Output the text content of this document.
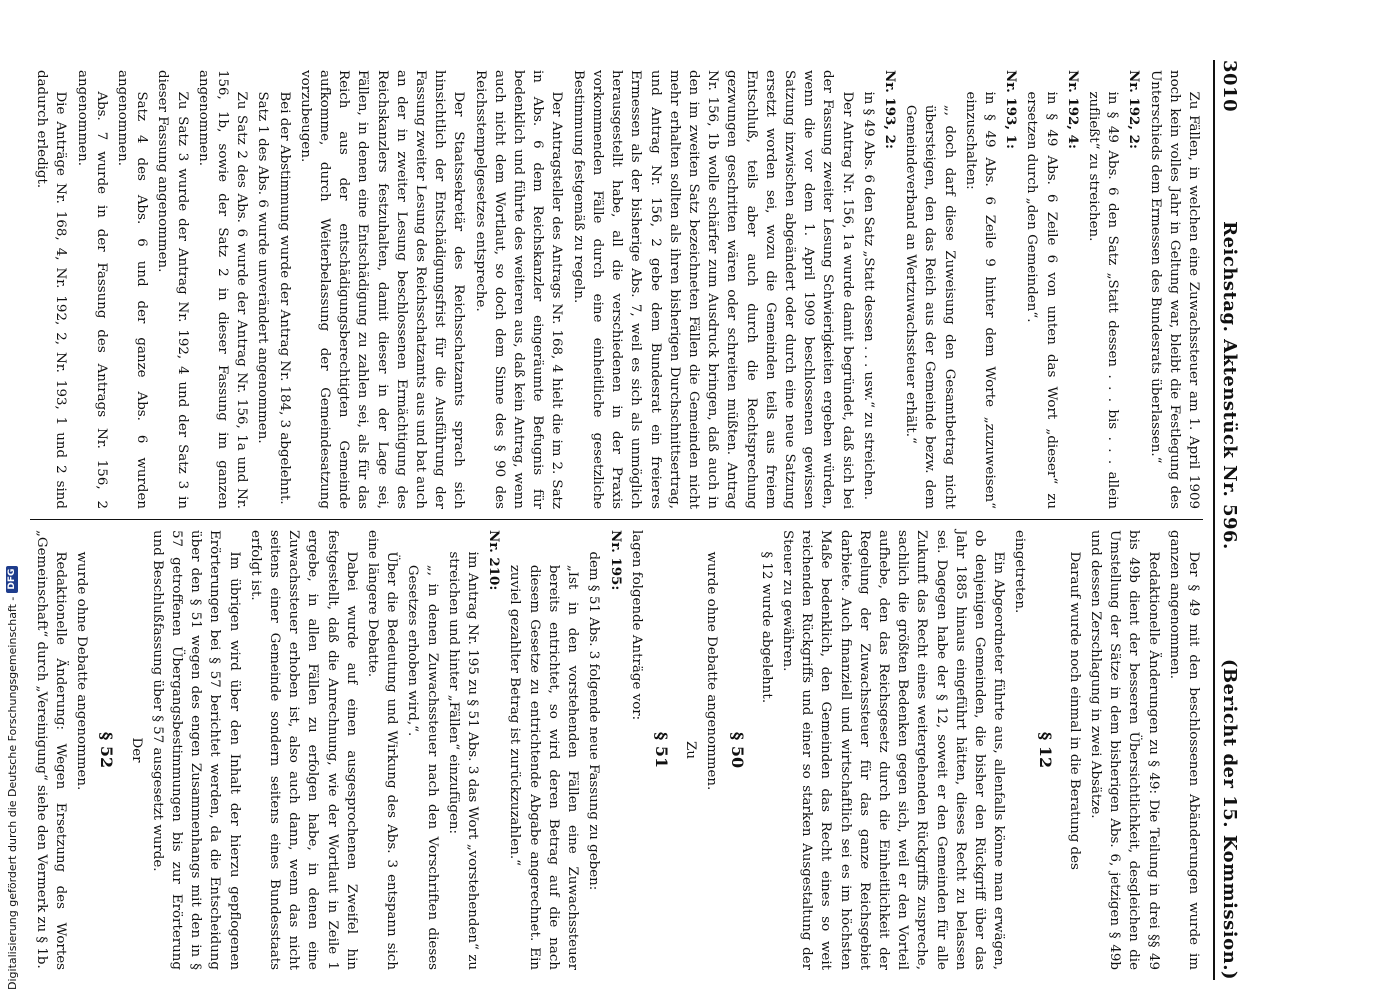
3010
Reichstag. Aktenstück Nr. 596.
(Bericht der 15. Kommission.)

Zu Fällen, in welchen eine Zuwachssteuer am 1. April 1909 noch kein volles Jahr in Geltung war, bleibt die Festlegung des Unterschieds dem Ermessen des Bundesrats überlassen.“

Nr. 192, 2:

in § 49 Abs. 6 den Satz „Statt dessen . . . bis . . . allein zufließt“ zu streichen.

Nr. 192, 4:

in § 49 Abs. 6 Zeile 6 von unten das Wort „dieser“ zu ersetzen durch „den Gemeinden“.

Nr. 193, 1:

in § 49 Abs. 6 Zeile 9 hinter dem Worte „zuzuweisen“ einzuschalten:

„, doch darf diese Zuweisung den Gesamtbetrag nicht übersteigen, den das Reich aus der Gemeinde bezw. dem Gemeindeverband an Wertzuwachssteuer erhält.“

Nr. 193, 2:

in § 49 Abs. 6 den Satz „Statt dessen . . . usw.“ zu streichen.

Der Antrag Nr. 156, 1a wurde damit begründet, daß sich bei der Fassung zweiter Lesung Schwierigkeiten ergeben würden, wenn die vor dem 1. April 1909 beschlossenen gewissen Satzung inzwischen abgeändert oder durch eine neue Satzung ersetzt worden sei, wozu die Gemeinden teils aus freiem Entschluß, teils aber auch durch die Rechtsprechung gezwungen geschritten wären oder schreiten müßten. Antrag Nr. 156, 1b wolle schärfer zum Ausdruck bringen, daß auch in den im zweiten Satz bezeichneten Fällen die Gemeinden nicht mehr erhalten sollten als ihren bisherigen Durchschnittsertrag, und Antrag Nr. 156, 2 gebe dem Bundesrat ein freieres Ermessen als der bisherige Abs. 7, weil es sich als unmöglich herausgestellt habe, all die verschiedenen in der Praxis vorkommenden Fälle durch eine einheitliche gesetzliche Bestimmung festgemäß zu regeln.

Der Antragsteller des Antrags Nr. 168, 4 hielt die im 2. Satz in Abs. 6 dem Reichskanzler eingeräumte Befugnis für bedenklich und führte des weiteren aus, daß kein Antrag, wenn auch nicht dem Wortlaut, so doch dem Sinne des § 90 des Reichsstempelgesetzes entspreche.

Der Staatssekretär des Reichsschatzamts sprach sich hinsichtlich der Entschädigungsfrist für die Ausführung der Fassung zweiter Lesung des Reichsschatzamts aus und bat auch an der in zweiter Lesung beschlossenen Ermächtigung des Reichskanzlers festzuhalten, damit dieser in der Lage sei, Fällen, in denen eine Entschädigung zu zahlen sei, als für das Reich aus der entschädigungsberechtigten Gemeinde aufkomme, durch Weiterbelassung der Gemeindesatzung vorzubeugen.

Bei der Abstimmung wurde der Antrag Nr. 184, 3 abgelehnt.

Satz 1 des Abs. 6 wurde unverändert angenommen.

Zu Satz 2 des Abs. 6 wurde der Antrag Nr. 156, 1a und Nr. 156, 1b, sowie der Satz 2 in dieser Fassung im ganzen angenommen.

Zu Satz 3 wurde der Antrag Nr. 192, 4 und der Satz 3 in dieser Fassung angenommen.

Satz 4 des Abs. 6 und der ganze Abs. 6 wurden angenommen.

Abs. 7 wurde in der Fassung des Antrags Nr. 156, 2 angenommen.

Die Anträge Nr. 168, 4, Nr. 192, 2, Nr. 193, 1 und 2 sind dadurch erledigt.

Der § 49 mit den beschlossenen Abänderungen wurde im ganzen angenommen.

Redaktionelle Änderungen zu § 49: Die Teilung in drei §§ 49 bis 49b dient der besseren Übersichtlichkeit, desgleichen die Umstellung der Sätze in dem bisherigen Abs. 6, jetzigen § 49b und dessen Zerschlagung in zwei Absätze.

Darauf wurde noch einmal in die Beratung des

§ 12

eingetreten.

Ein Abgeordneter führte aus, allenfalls könne man erwägen, ob denjenigen Gemeinden, die bisher den Rückgriff über das Jahr 1885 hinaus eingeführt hätten, dieses Recht zu belassen sei. Dagegen habe der § 12, soweit er den Gemeinden für alle Zukunft das Recht eines weitergehenden Rückgriffs zuspreche, sachlich die größten Bedenken gegen sich, weil er den Vorteil aufhebe, den das Reichsgesetz durch die Einheitlichkeit der Regelung der Zuwachssteuer für das ganze Reichsgebiet darbiete. Auch finanziell und wirtschaftlich sei es im höchsten Maße bedenklich, den Gemeinden das Recht eines so weit reichenden Rückgriffs und einer so starken Ausgestaltung der Steuer zu gewähren.

§ 12 wurde abgelehnt.

§ 50

wurde ohne Debatte angenommen.

Zu

§ 51

lagen folgende Anträge vor:

Nr. 195:

dem § 51 Abs. 3 folgende neue Fassung zu geben:

„Ist in den vorstehenden Fällen eine Zuwachssteuer bereits entrichtet, so wird deren Betrag auf die nach diesem Gesetze zu entrichtende Abgabe angerechnet. Ein zuviel gezahlter Betrag ist zurückzuzahlen.“

Nr. 210:

im Antrag Nr. 195 zu § 51 Abs. 3 das Wort „vorstehenden“ zu streichen und hinter „Fällen“ einzufügen:

„, in denen Zuwachssteuer nach den Vorschriften dieses Gesetzes erhoben wird,“.

Über die Bedeutung und Wirkung des Abs. 3 entspann sich eine längere Debatte.

Dabei wurde auf einen ausgesprochenen Zweifel hin festgestellt, daß die Anrechnung, wie der Wortlaut in Zeile 1 ergebe, in allen Fällen zu erfolgen habe, in denen eine Zuwachssteuer erhoben ist, also auch dann, wenn das nicht seitens einer Gemeinde sondern seitens eines Bundesstaats erfolgt ist.

Im übrigen wird über den Inhalt der hierzu gepflogenen Erörterungen bei § 57 berichtet werden, da die Entscheidung über den § 51 wegen des engen Zusammenhangs mit den in § 57 getroffenen Übergangsbestimmungen bis zur Erörterung und Beschlußfassung über § 57 ausgesetzt wurde.

Der

§ 52

wurde ohne Debatte angenommen.

Redaktionelle Änderung: Wegen Ersetzung des Wortes „Gemeinschaft“ durch „Vereinigung“ siehe den Vermerk zu § 1b.

Digitalisierung gefördert durch die Deutsche Forschungsgemeinschaft -
DFG
